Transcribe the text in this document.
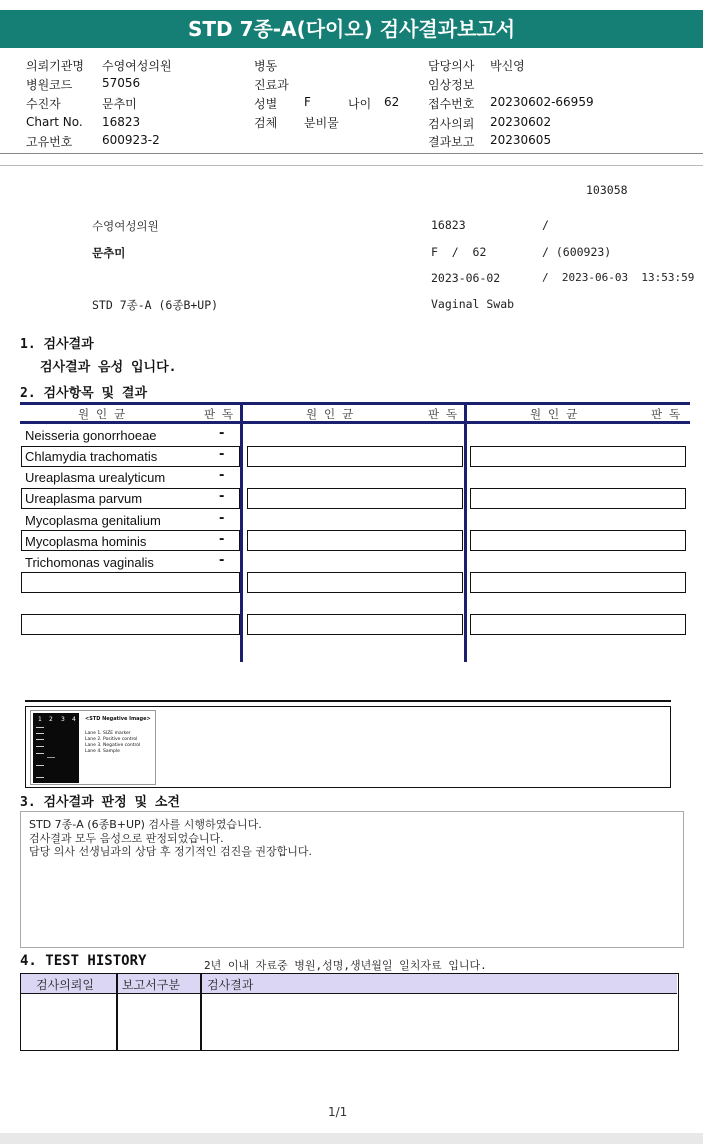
STD 7종-A(다이오) 검사결과보고서
의뢰기관명 수영여성의원
병원코드 57056
수진자	문추미
Chart No. 16823
고유번호 600923-2
병동
진료과
성별 F	나이 62
검체 분비물
담당의사 박신영
임상정보
접수번호 20230602-66959
검사의뢰 20230602
결과보고 20230605
103058
수영여성의원	16823	/
문추미	F  /  62	/ (600923)
2023-06-02	/  2023-06-03  13:53:59
STD 7종-A (6종B+UP)	Vaginal Swab
1. 검사결과
검사결과 음성 입니다.
2. 검사항목 및 결과
원 인 균	판 독	원 인 균	판 독	원 인 균	판 독
Neisseria gonorrhoeae	-
Chlamydia trachomatis	-
Ureaplasma urealyticum	-
Ureaplasma parvum	-
Mycoplasma genitalium	-
Mycoplasma hominis	-
Trichomonas vaginalis	-
1 2 3 4 <STD Negative Image>
Lane 1. SIZE marker
Lane 2. Positive control
Lane 3. Negative control
Lane 4. Sample
3. 검사결과 판정 및 소견
STD 7종-A (6종B+UP) 검사를 시행하였습니다.
검사결과 모두 음성으로 판정되었습니다.
담당 의사 선생님과의 상담 후 정기적인 검진을 권장합니다.
4. TEST HISTORY	2년 이내 자료중 병원,성명,생년월일 일치자료 입니다.
검사의뢰일 보고서구분 검사결과
1/1
